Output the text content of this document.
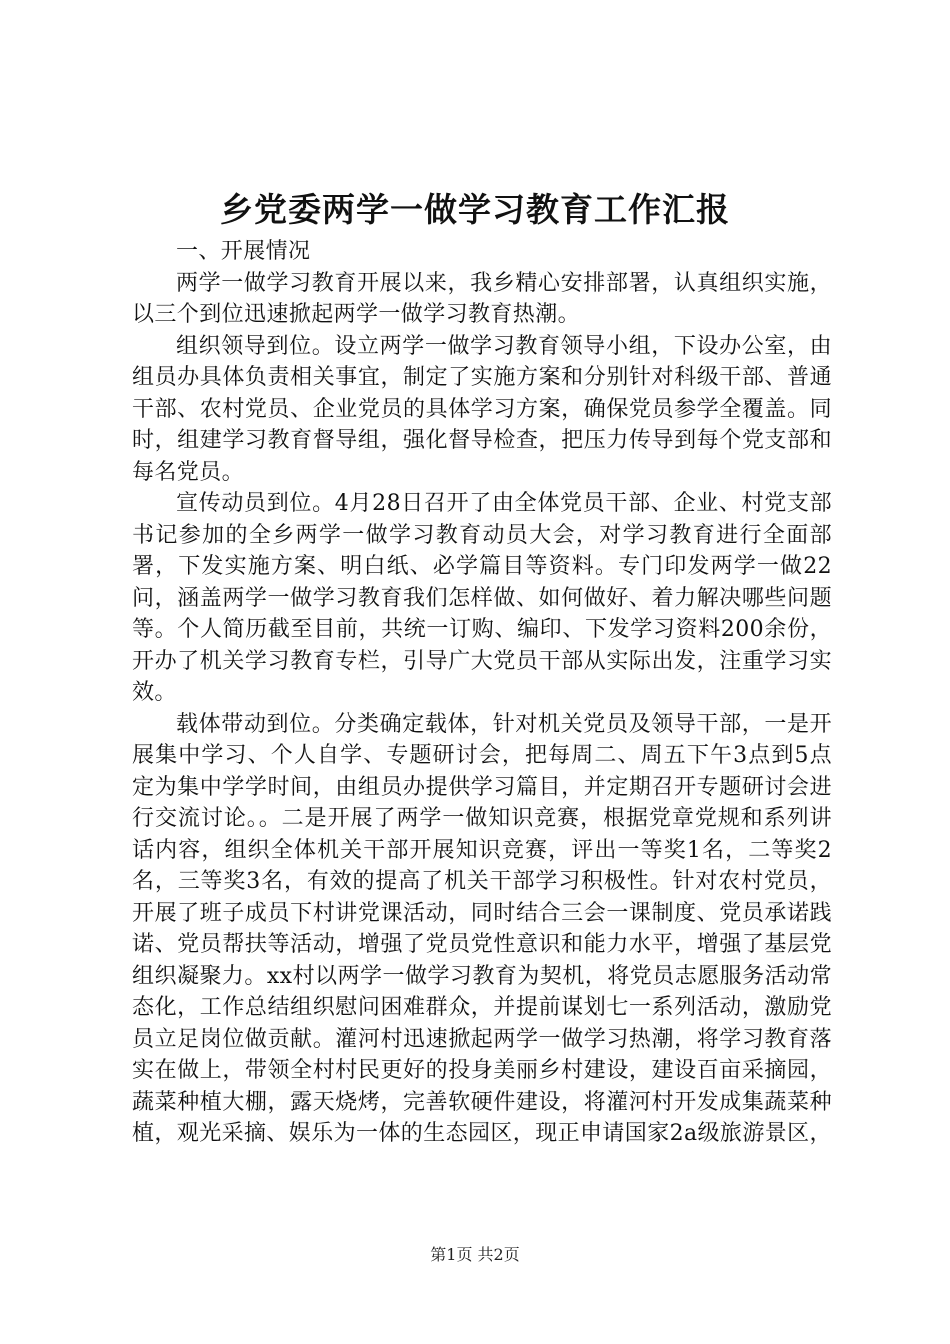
乡党委两学一做学习教育工作汇报

一、开展情况

两学一做学习教育开展以来，我乡精心安排部署，认真组织实施，以三个到位迅速掀起两学一做学习教育热潮。

组织领导到位。设立两学一做学习教育领导小组，下设办公室，由组员办具体负责相关事宜，制定了实施方案和分别针对科级干部、普通干部、农村党员、企业党员的具体学习方案，确保党员参学全覆盖。同时，组建学习教育督导组，强化督导检查，把压力传导到每个党支部和每名党员。

宣传动员到位。4月28日召开了由全体党员干部、企业、村党支部书记参加的全乡两学一做学习教育动员大会，对学习教育进行全面部署，下发实施方案、明白纸、必学篇目等资料。专门印发两学一做22问，涵盖两学一做学习教育我们怎样做、如何做好、着力解决哪些问题等。个人简历截至目前，共统一订购、编印、下发学习资料200余份，开办了机关学习教育专栏，引导广大党员干部从实际出发，注重学习实效。

载体带动到位。分类确定载体，针对机关党员及领导干部，一是开展集中学习、个人自学、专题研讨会，把每周二、周五下午3点到5点定为集中学学时间，由组员办提供学习篇目，并定期召开专题研讨会进行交流讨论。。二是开展了两学一做知识竞赛，根据党章党规和系列讲话内容，组织全体机关干部开展知识竞赛，评出一等奖1名，二等奖2名，三等奖3名，有效的提高了机关干部学习积极性。针对农村党员，开展了班子成员下村讲党课活动，同时结合三会一课制度、党员承诺践诺、党员帮扶等活动，增强了党员党性意识和能力水平，增强了基层党组织凝聚力。xx村以两学一做学习教育为契机，将党员志愿服务活动常态化，工作总结组织慰问困难群众，并提前谋划七一系列活动，激励党员立足岗位做贡献。灌河村迅速掀起两学一做学习热潮，将学习教育落实在做上，带领全村村民更好的投身美丽乡村建设，建设百亩采摘园，蔬菜种植大棚，露天烧烤，完善软硬件建设，将灌河村开发成集蔬菜种植，观光采摘、娱乐为一体的生态园区，现正申请国家2a级旅游景区，

第1页 共2页
